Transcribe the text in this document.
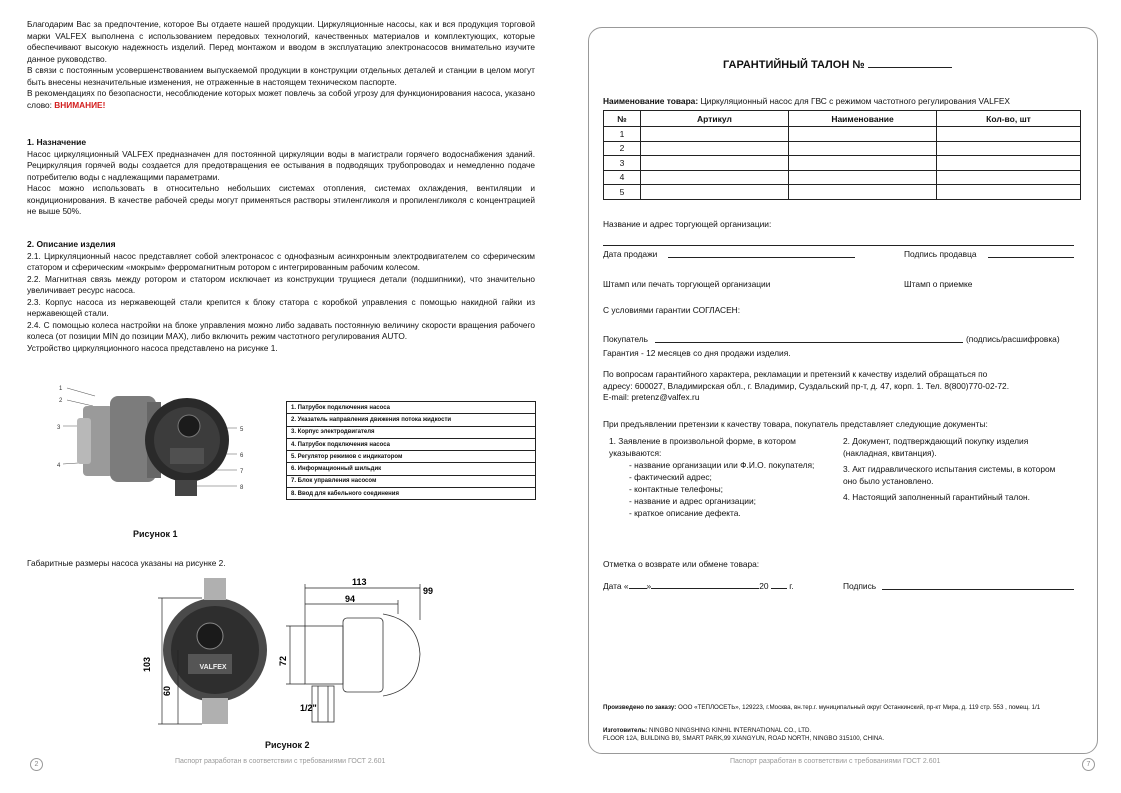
Благодарим Вас за предпочтение, которое Вы отдаете нашей продукции. Циркуляционные насосы, как и вся продукция торговой марки VALFEX выполнена с использованием передовых технологий, качественных материалов и комплектующих, которые обеспечивают высокую надежность изделий. Перед монтажом и вводом в эксплуатацию электронасосов внимательно изучите данное руководство.

В связи с постоянным усовершенствованием выпускаемой продукции в конструкции отдельных деталей и станции в целом могут быть внесены незначительные изменения, не отраженные в настоящем техническом паспорте.

В рекомендациях по безопасности, несоблюдение которых может повлечь за собой угрозу для функционирования насоса, указано слово: ВНИМАНИЕ!

1. Назначение

Насос циркуляционный VALFEX предназначен для постоянной циркуляции воды в магистрали горячего водоснабжения зданий. Рециркуляция горячей воды создается для предотвращения ее остывания в подводящих трубопроводах и немедленно подаче потребителю воды с надлежащими параметрами.

Насос можно использовать в относительно небольших системах отопления, системах охлаждения, вентиляции и кондиционирования. В качестве рабочей среды могут применяться растворы этиленгликоля и пропиленгликоля с концентрацией не выше 50%.

2. Описание изделия

2.1. Циркуляционный насос представляет собой электронасос с однофазным асинхронным электродвигателем со сферическим статором и сферическим «мокрым» ферромагнитным ротором с интегрированным рабочим колесом.

2.2. Магнитная связь между ротором и статором исключает из конструкции трущиеся детали (подшипники), что значительно увеличивает ресурс насоса.

2.3. Корпус насоса из нержавеющей стали крепится к блоку статора с коробкой управления с помощью накидной гайки из нержавеющей стали.

2.4. С помощью колеса настройки на блоке управления можно либо задавать постоянную величину скорости вращения рабочего колеса (от позиции MIN до позиции MAX), либо включить режим частотного регулирования AUTO.

Устройство циркуляционного насоса представлено на рисунке 1.

1
2
3
4
5
6
7
8
1. Патрубок подключения насоса
2. Указатель направления движения потока жидкости
3. Корпус электродвигателя
4. Патрубок подключения насоса
5. Регулятор режимов с индикатором
6. Информационный шильдик
7. Блок управления насосом
8. Ввод для кабельного соединения
Рисунок 1

Габаритные размеры насоса указаны на рисунке 2.

VALFEX
103
60
113
99
94
72
1/2"
Рисунок 2
2	Паспорт разработан в соответствии с требованиями ГОСТ 2.601
ГАРАНТИЙНЫЙ ТАЛОН №
Наименование товара: Циркуляционный насос для ГВС с режимом частотного регулирования VALFEX
№	Артикул	Наименование	Кол-во, шт
1			
2			
3			
4			
5			
Название и адрес торгующей организации:
Дата продажи	Подпись продавца
Штамп или печать торгующей организации	Штамп о приемке
С условиями гарантии СОГЛАСЕН:
Покупатель	(подпись/расшифровка)
Гарантия - 12 месяцев со дня продажи изделия.
По вопросам гарантийного характера, рекламации и претензий к качеству изделий обращаться по
адресу: 600027, Владимирская обл., г. Владимир, Суздальский пр-т, д. 47, корп. 1. Тел. 8(800)770-02-72.
E-mail: pretenz@valfex.ru
При предъявлении претензии к качеству товара, покупатель представляет следующие документы:
1. Заявление в произвольной форме, в котором указываются:
- название организации или Ф.И.О. покупателя;
- фактический адрес;
- контактные телефоны;
- название и адрес организации;
- краткое описание дефекта.
2. Документ, подтверждающий покупку изделия (накладная, квитанция).
3. Акт гидравлического испытания системы, в котором оно было установлено.
4. Настоящий заполненный гарантийный талон.
Отметка о возврате или обмене товара:
Дата « »	20 г.	Подпись
Произведено по заказу: ООО «ТЕПЛОСЕТЬ», 129223, г.Москва, вн.тер.г. муниципальный округ Останкинский, пр-кт Мира, д. 119 стр. 553 , помещ. 1/1
Изготовитель: NINGBO NINGSHING KINHIL INTERNATIONAL CO., LTD.
FLOOR 12A, BUILDING B9, SMART PARK,99 XIANGYUN, ROAD NORTH, NINGBO 315100, CHINA.
Паспорт разработан в соответствии с требованиями ГОСТ 2.601	7
